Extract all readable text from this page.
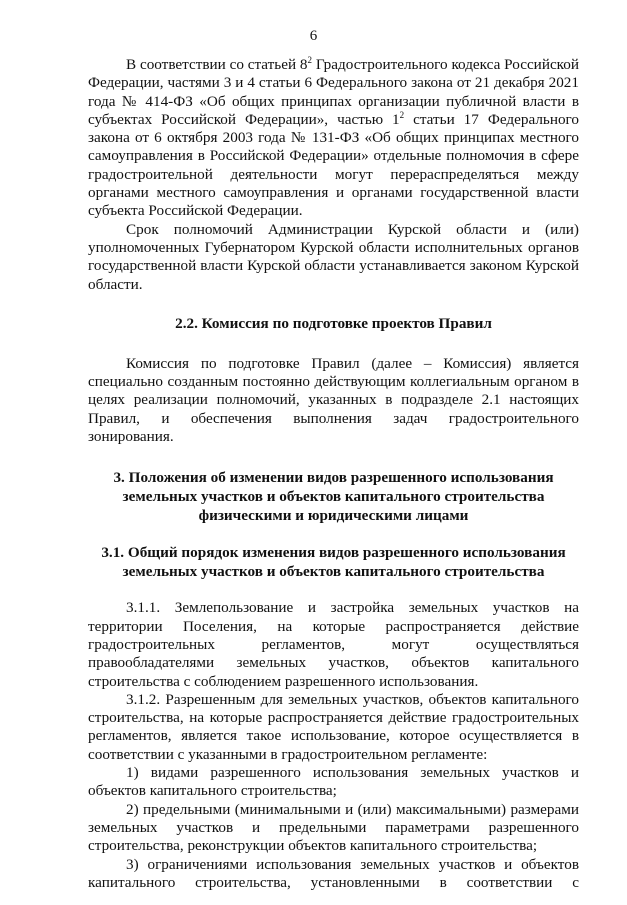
6

В соответствии со статьей $8^2$ Градостроительного кодекса Российской Федерации, частями 3 и 4 статьи 6 Федерального закона от 21 декабря 2021 года № 414-ФЗ «Об общих принципах организации публичной власти в субъектах Российской Федерации», частью $1^2$ статьи 17 Федерального закона от 6 октября 2003 года № 131-ФЗ «Об общих принципах местного самоуправления в Российской Федерации» отдельные полномочия в сфере градостроительной деятельности могут перераспределяться между органами местного самоуправления и органами государственной власти субъекта Российской Федерации.

Срок полномочий Администрации Курской области и (или) уполномоченных Губернатором Курской области исполнительных органов государственной власти Курской области устанавливается законом Курской области.

2.2. Комиссия по подготовке проектов Правил

Комиссия по подготовке Правил (далее – Комиссия) является специально созданным постоянно действующим коллегиальным органом в целях реализации полномочий, указанных в подразделе 2.1 настоящих Правил, и обеспечения выполнения задач градостроительного зонирования.

3. Положения об изменении видов разрешенного использования
земельных участков и объектов капитального строительства
физическими и юридическими лицами
3.1. Общий порядок изменения видов разрешенного использования
земельных участков и объектов капитального строительства

3.1.1. Землепользование и застройка земельных участков на территории Поселения, на которые распространяется действие градостроительных регламентов, могут осуществляться правообладателями земельных участков, объектов капитального строительства с соблюдением разрешенного использования.

3.1.2. Разрешенным для земельных участков, объектов капитального строительства, на которые распространяется действие градостроительных регламентов, является такое использование, которое осуществляется в соответствии с указанными в градостроительном регламенте:

1) видами разрешенного использования земельных участков и объектов капитального строительства;

2) предельными (минимальными и (или) максимальными) размерами земельных участков и предельными параметрами разрешенного строительства, реконструкции объектов капитального строительства;

3) ограничениями использования земельных участков и объектов капитального строительства, установленными в соответствии с
